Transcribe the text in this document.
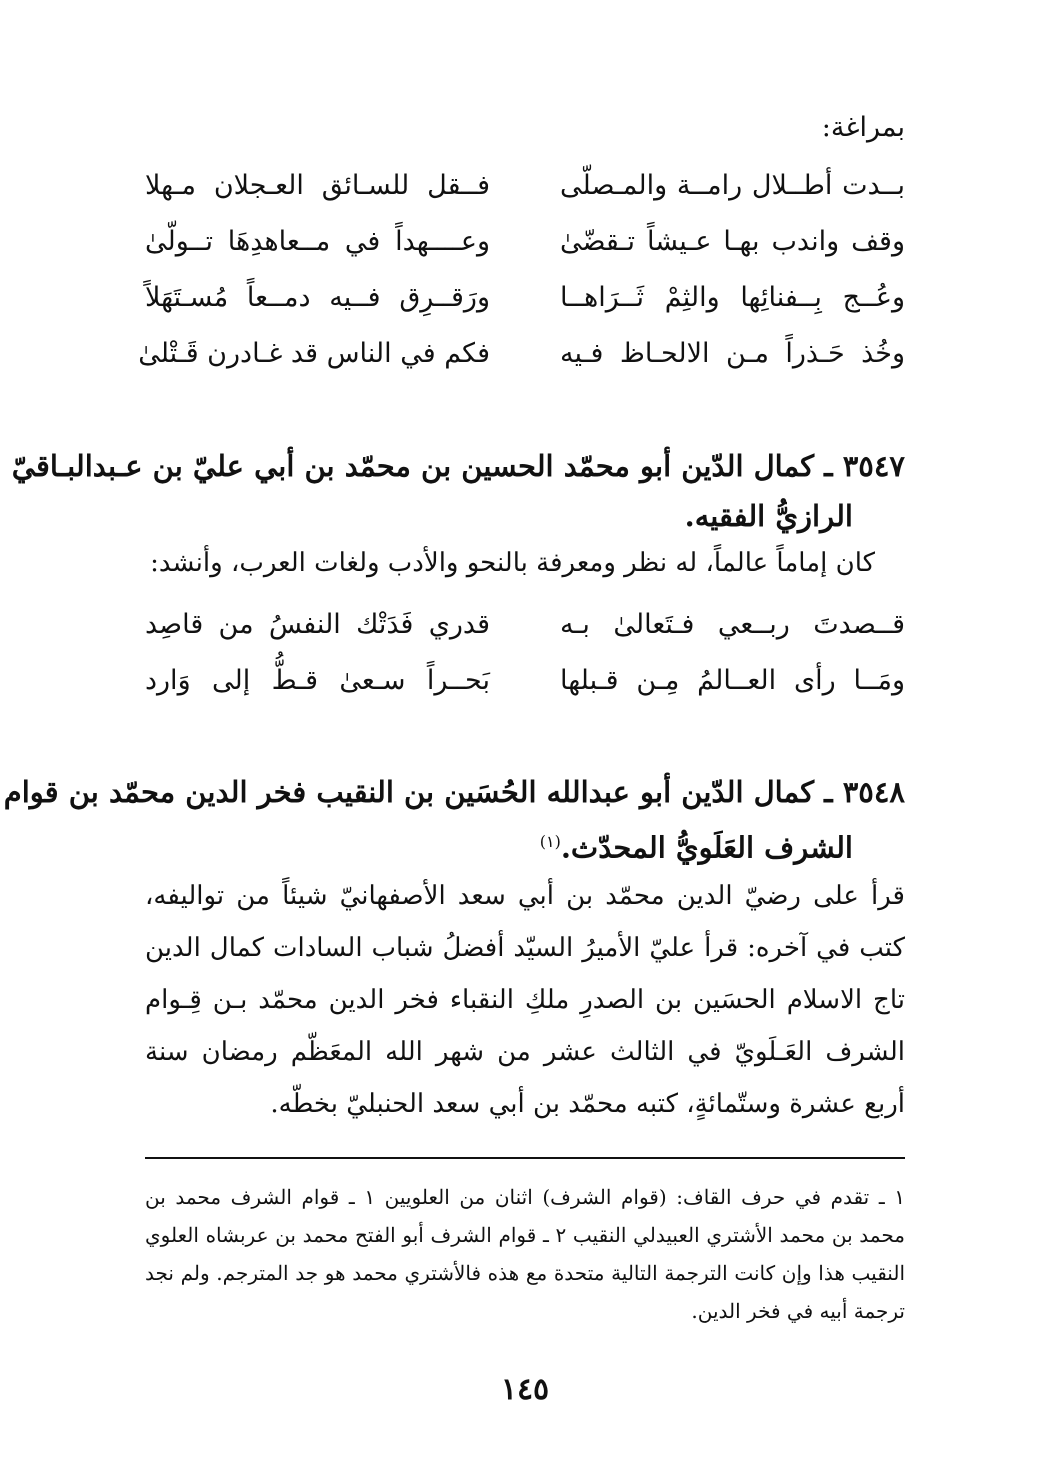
بمراغة:

بــدت أطــلال رامــة والمـصلّى
فــقل للسـائق العـجلان مـهلا
وقف واندب بهـا عـيشاً تـقضّىٰ
وعــــهداً في مــعاهدِهَا تــولّىٰ
وعُــج بِــفنائِها والثِمْ ثَــرَاهــا
ورَقــرِق فــيه دمــعاً مُسـتَهَلاً
وخُذ حَـذراً مـن الالحـاظ فـيه
فكم في الناس قد غـادرن قَـتْلىٰ
٣٥٤٧ـ كمال الدّين أبو محمّد الحسين بن محمّد بن أبي عليّ بن عـبدالبـاقيّ
الرازيُّ الفقيه.

كان إماماً عالماً، له نظر ومعرفة بالنحو والأدب ولغات العرب، وأنشد:

قــصدتَ ربــعي فـتَعالىٰ بـه
قدري فَدَتْك النفسُ من قاصِد
ومَــا رأى العــالمُ مِـن قـبلها
بَحــراً سـعىٰ قـطُّ إلى وَارد
٣٥٤٨ـ كمال الدّين أبو عبدالله الحُسَين بن النقيب فخر الدين محمّد بن قوام
الشرف العَلَويُّ المحدّث.$^{(١)}$

قرأ على رضيّ الدين محمّد بن أبي سعد الأصفهانيّ شيئاً من تواليفه، كتب في آخره: قرأ عليّ الأميرُ السيّد أفضلُ شباب السادات كمال الدين تاج الاسلام الحسَين بن الصدرِ ملكِ النقباء فخر الدين محمّد بـن قِـوام الشرف العَـلَويّ في الثالث عشر من شهر الله المعَظّم رمضان سنة أربع عشرة وستّمائةٍ، كتبه محمّد بن أبي سعد الحنبليّ بخطّه.

١ ـ تقدم في حرف القاف: (قوام الشرف) اثنان من العلويين ١ ـ قوام الشرف محمد بن محمد بن محمد الأشتري العبيدلي النقيب ٢ ـ قوام الشرف أبو الفتح محمد بن عربشاه العلوي النقيب هذا وإن كانت الترجمة التالية متحدة مع هذه فالأشتري محمد هو جد المترجم. ولم نجد ترجمة أبيه في فخر الدين.

١٤٥
